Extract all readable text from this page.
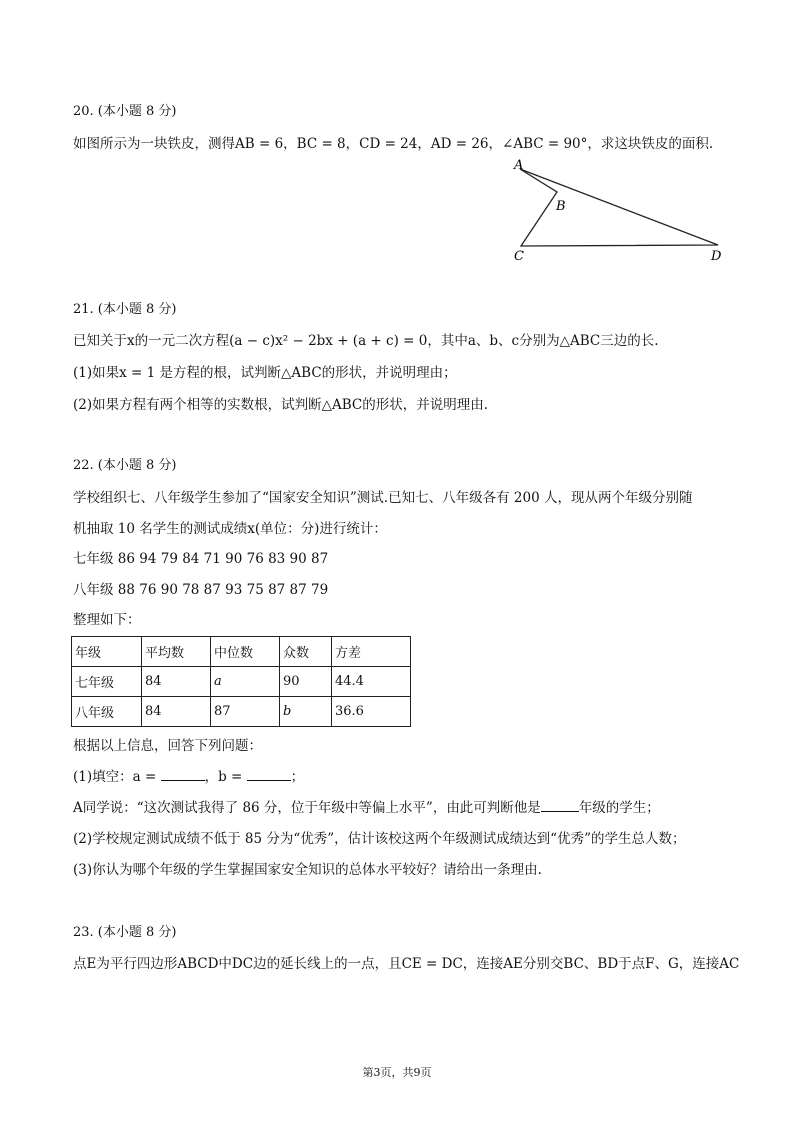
20. (本小题 8 分)
如图所示为一块铁皮，测得AB = 6，BC = 8，CD = 24，AD = 26，∠ABC = 90°，求这块铁皮的面积.
A
B
C	D
21. (本小题 8 分)
已知关于x的一元二次方程(a − c)x² − 2bx + (a + c) = 0，其中a、b、c分别为△ABC三边的长.
(1)如果x = 1 是方程的根，试判断△ABC的形状，并说明理由；
(2)如果方程有两个相等的实数根，试判断△ABC的形状，并说明理由.
22. (本小题 8 分)
学校组织七、八年级学生参加了“国家安全知识”测试.已知七、八年级各有 200 人，现从两个年级分别随
机抽取 10 名学生的测试成绩x(单位：分)进行统计：
七年级 86 94 79 84 71 90 76 83 90 87
八年级 88 76 90 78 87 93 75 87 87 79
整理如下：
年级	平均数	中位数	众数	方差
七年级	84	a	90	44.4
八年级	84	87	b	36.6
根据以上信息，回答下列问题：
(1)填空：a =	，b =	；
A同学说：“这次测试我得了 86 分，位于年级中等偏上水平”，由此可判断他是	年级的学生；
(2)学校规定测试成绩不低于 85 分为“优秀”，估计该校这两个年级测试成绩达到“优秀”的学生总人数；
(3)你认为哪个年级的学生掌握国家安全知识的总体水平较好？请给出一条理由.
23. (本小题 8 分)
点E为平行四边形ABCD中DC边的延长线上的一点，且CE = DC，连接AE分别交BC、BD于点F、G，连接AC
第3页，共9页
